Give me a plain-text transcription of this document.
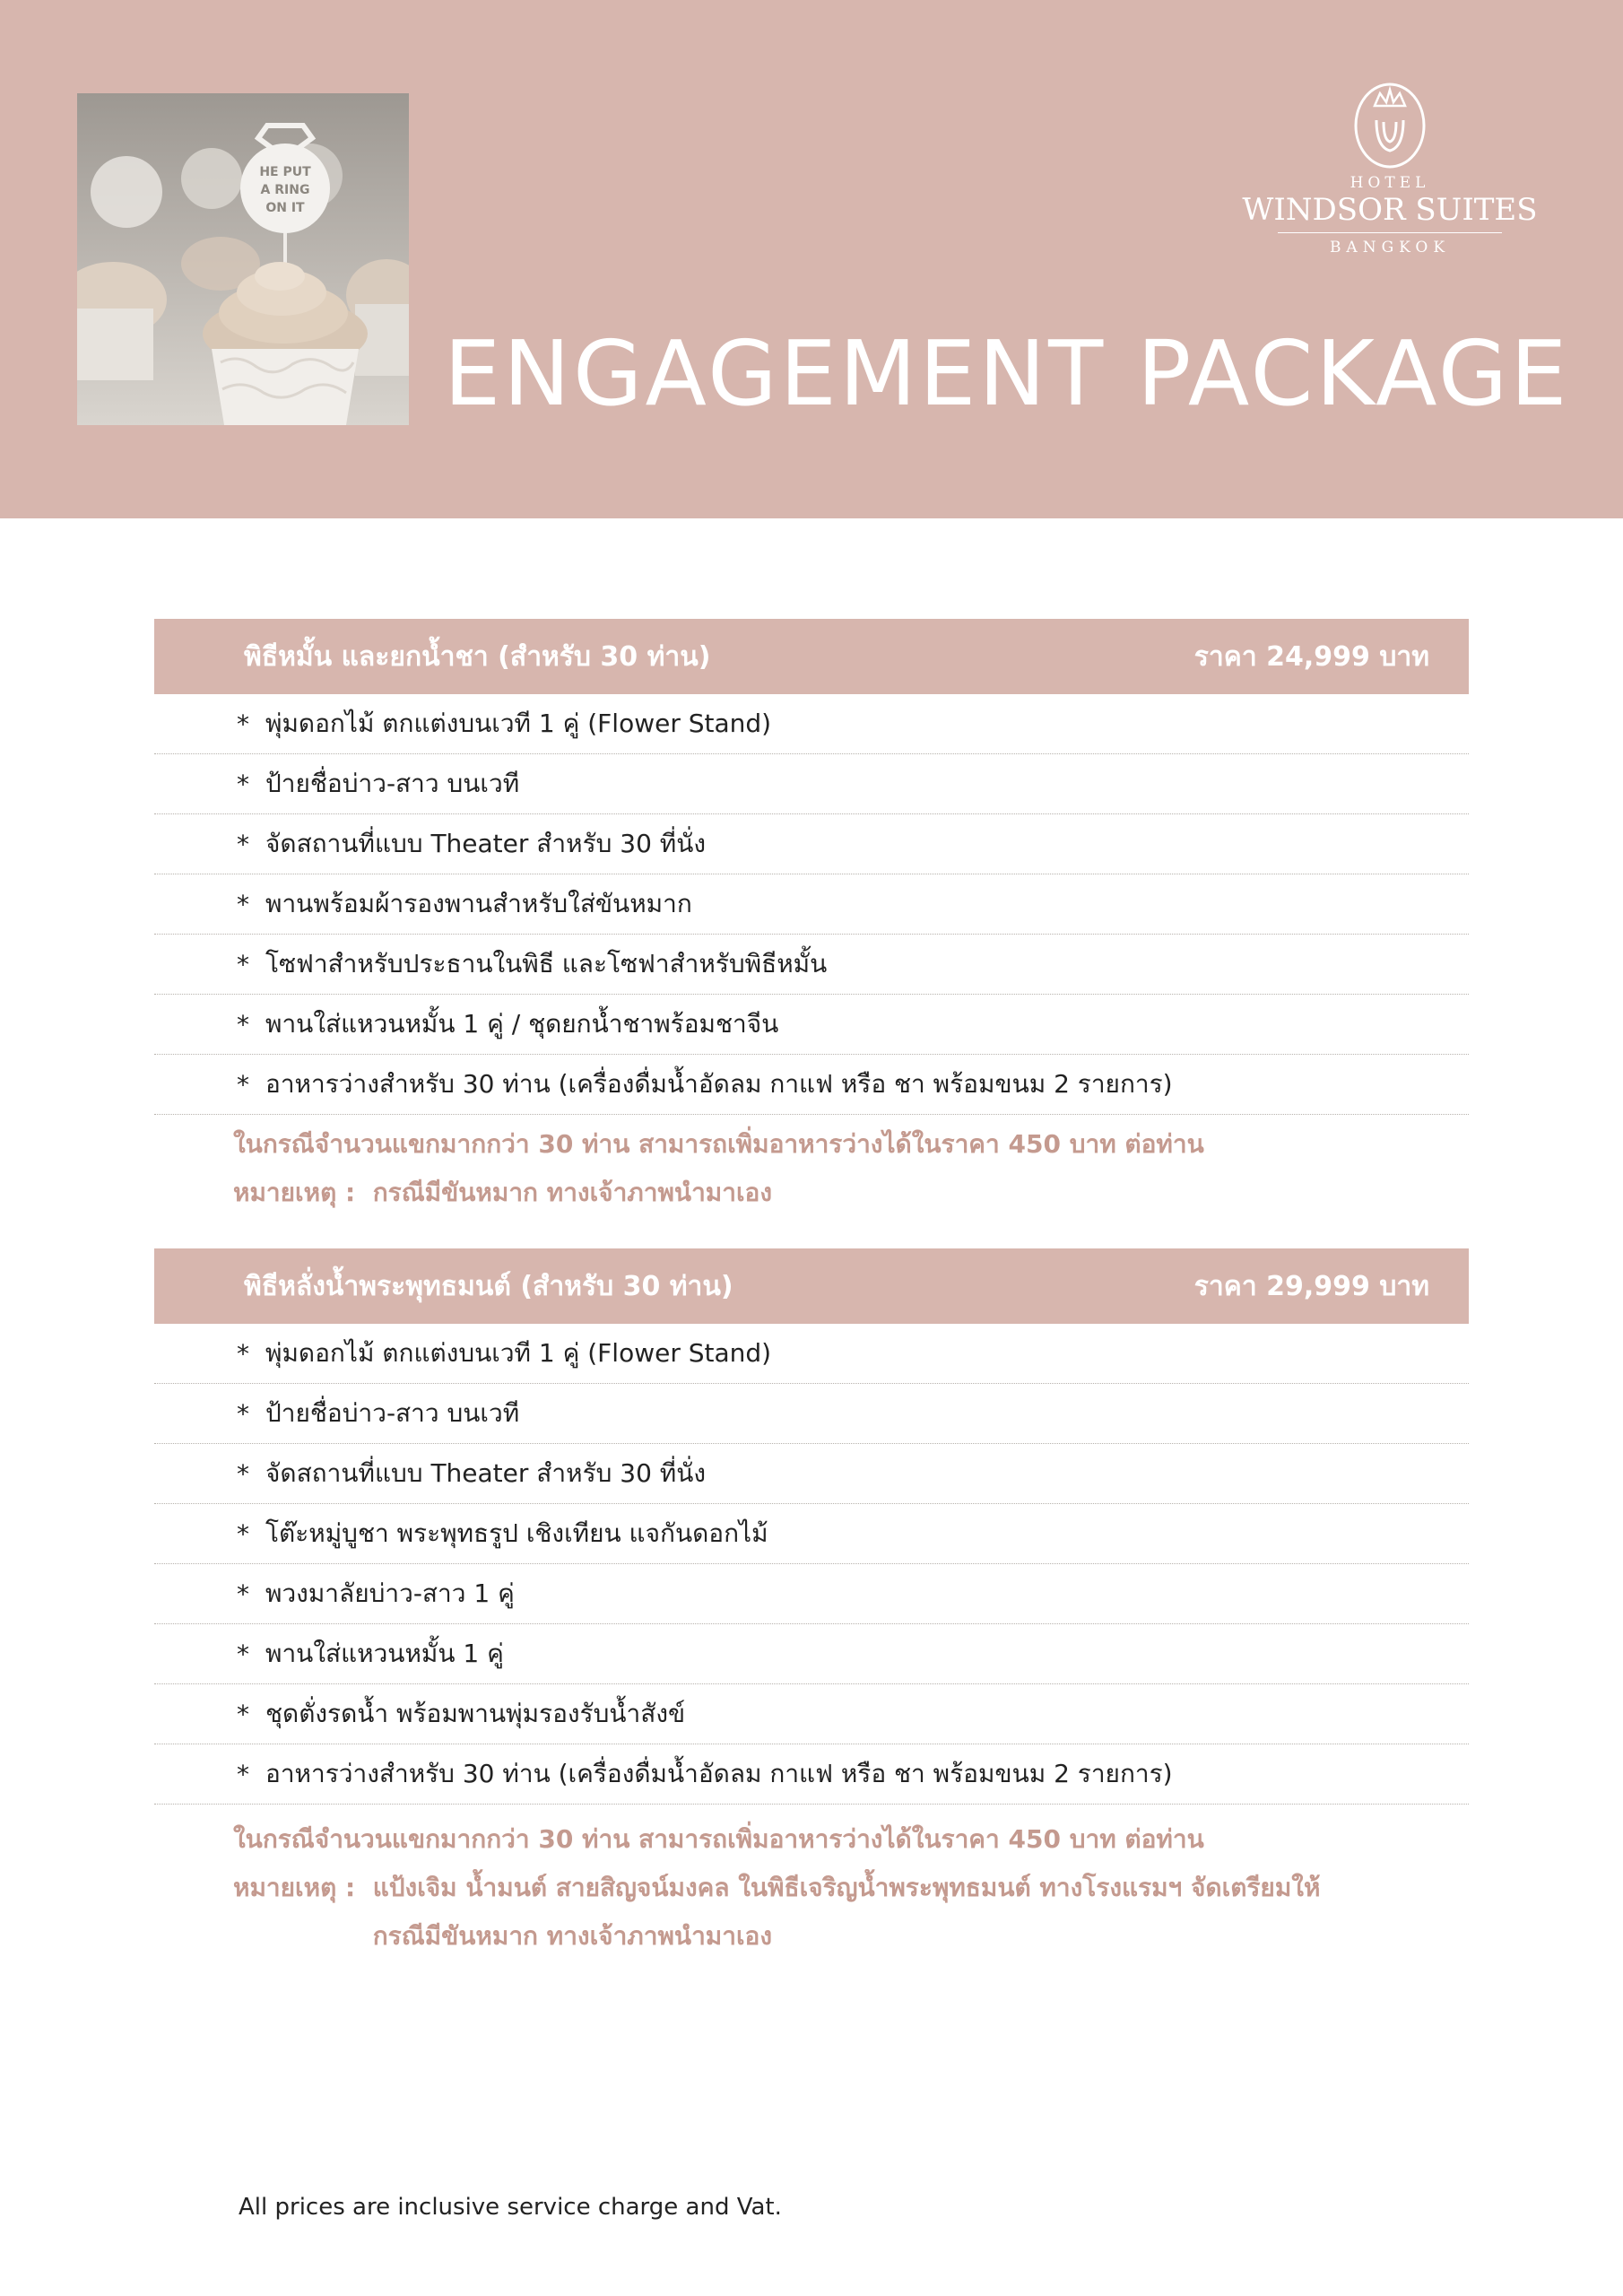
HE PUT
A RING
ON IT
HOTEL
WINDSOR SUITES
BANGKOK
ENGAGEMENT PACKAGE
พิธีหมั้น และยกน้ำชา (สำหรับ 30 ท่าน)	ราคา 24,999 บาท
* พุ่มดอกไม้ ตกแต่งบนเวที 1 คู่ (Flower Stand)
* ป้ายชื่อบ่าว-สาว บนเวที
* จัดสถานที่แบบ Theater สำหรับ 30 ที่นั่ง
* พานพร้อมผ้ารองพานสำหรับใส่ขันหมาก
* โซฟาสำหรับประธานในพิธี และโซฟาสำหรับพิธีหมั้น
* พานใส่แหวนหมั้น 1 คู่ / ชุดยกน้ำชาพร้อมชาจีน
* อาหารว่างสำหรับ 30 ท่าน (เครื่องดื่มน้ำอัดลม กาแฟ หรือ ชา พร้อมขนม 2 รายการ)
ในกรณีจำนวนแขกมากกว่า 30 ท่าน สามารถเพิ่มอาหารว่างได้ในราคา 450 บาท ต่อท่าน
หมายเหตุ :
กรณีมีขันหมาก ทางเจ้าภาพนำมาเอง
พิธีหลั่งน้ำพระพุทธมนต์ (สำหรับ 30 ท่าน)	ราคา 29,999 บาท
* พุ่มดอกไม้ ตกแต่งบนเวที 1 คู่ (Flower Stand)
* ป้ายชื่อบ่าว-สาว บนเวที
* จัดสถานที่แบบ Theater สำหรับ 30 ที่นั่ง
* โต๊ะหมู่บูชา พระพุทธรูป เชิงเทียน แจกันดอกไม้
* พวงมาลัยบ่าว-สาว 1 คู่
* พานใส่แหวนหมั้น 1 คู่
* ชุดตั่งรดน้ำ พร้อมพานพุ่มรองรับน้ำสังข์
* อาหารว่างสำหรับ 30 ท่าน (เครื่องดื่มน้ำอัดลม กาแฟ หรือ ชา พร้อมขนม 2 รายการ)
ในกรณีจำนวนแขกมากกว่า 30 ท่าน สามารถเพิ่มอาหารว่างได้ในราคา 450 บาท ต่อท่าน
หมายเหตุ :
แป้งเจิม น้ำมนต์ สายสิญจน์มงคล ในพิธีเจริญน้ำพระพุทธมนต์ ทางโรงแรมฯ จัดเตรียมให้
กรณีมีขันหมาก ทางเจ้าภาพนำมาเอง
All prices are inclusive service charge and Vat.
